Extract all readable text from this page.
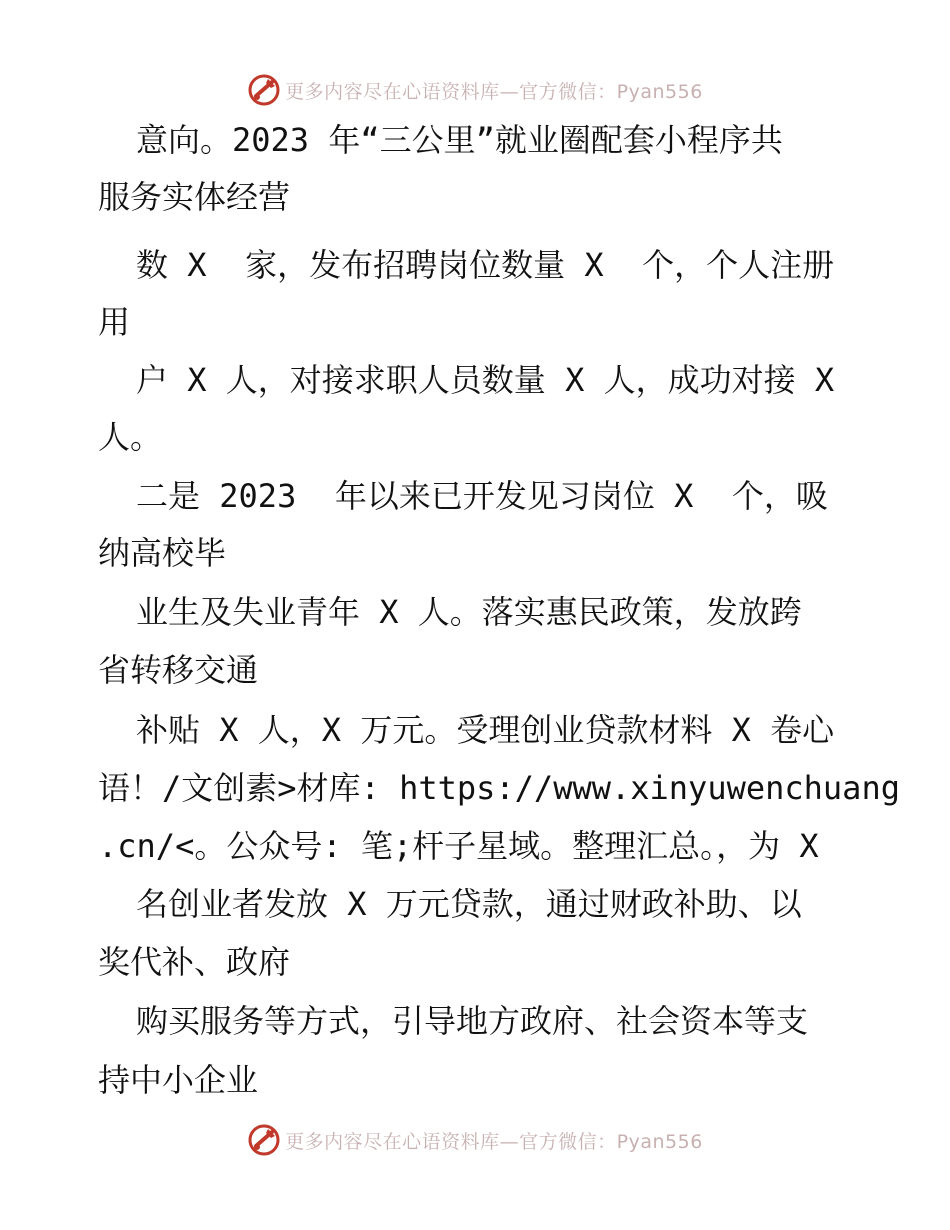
更多内容尽在心语资料库—官方微信：Pyan556
意向。2023 年“三公里”就业圈配套小程序共
服务实体经营
数 X  家，发布招聘岗位数量 X  个，个人注册
用
户 X 人，对接求职人员数量 X 人，成功对接 X
人。
二是 2023  年以来已开发见习岗位 X  个，吸
纳高校毕
业生及失业青年 X 人。落实惠民政策，发放跨
省转移交通
补贴 X 人，X 万元。受理创业贷款材料 X 卷心
语！/文创素>材库: https://www.xinyuwenchuang
.cn/<。公众号: 笔;杆子星域。整理汇总。，为 X
名创业者发放 X 万元贷款，通过财政补助、以
奖代补、政府
购买服务等方式，引导地方政府、社会资本等支
持中小企业
更多内容尽在心语资料库—官方微信：Pyan556
